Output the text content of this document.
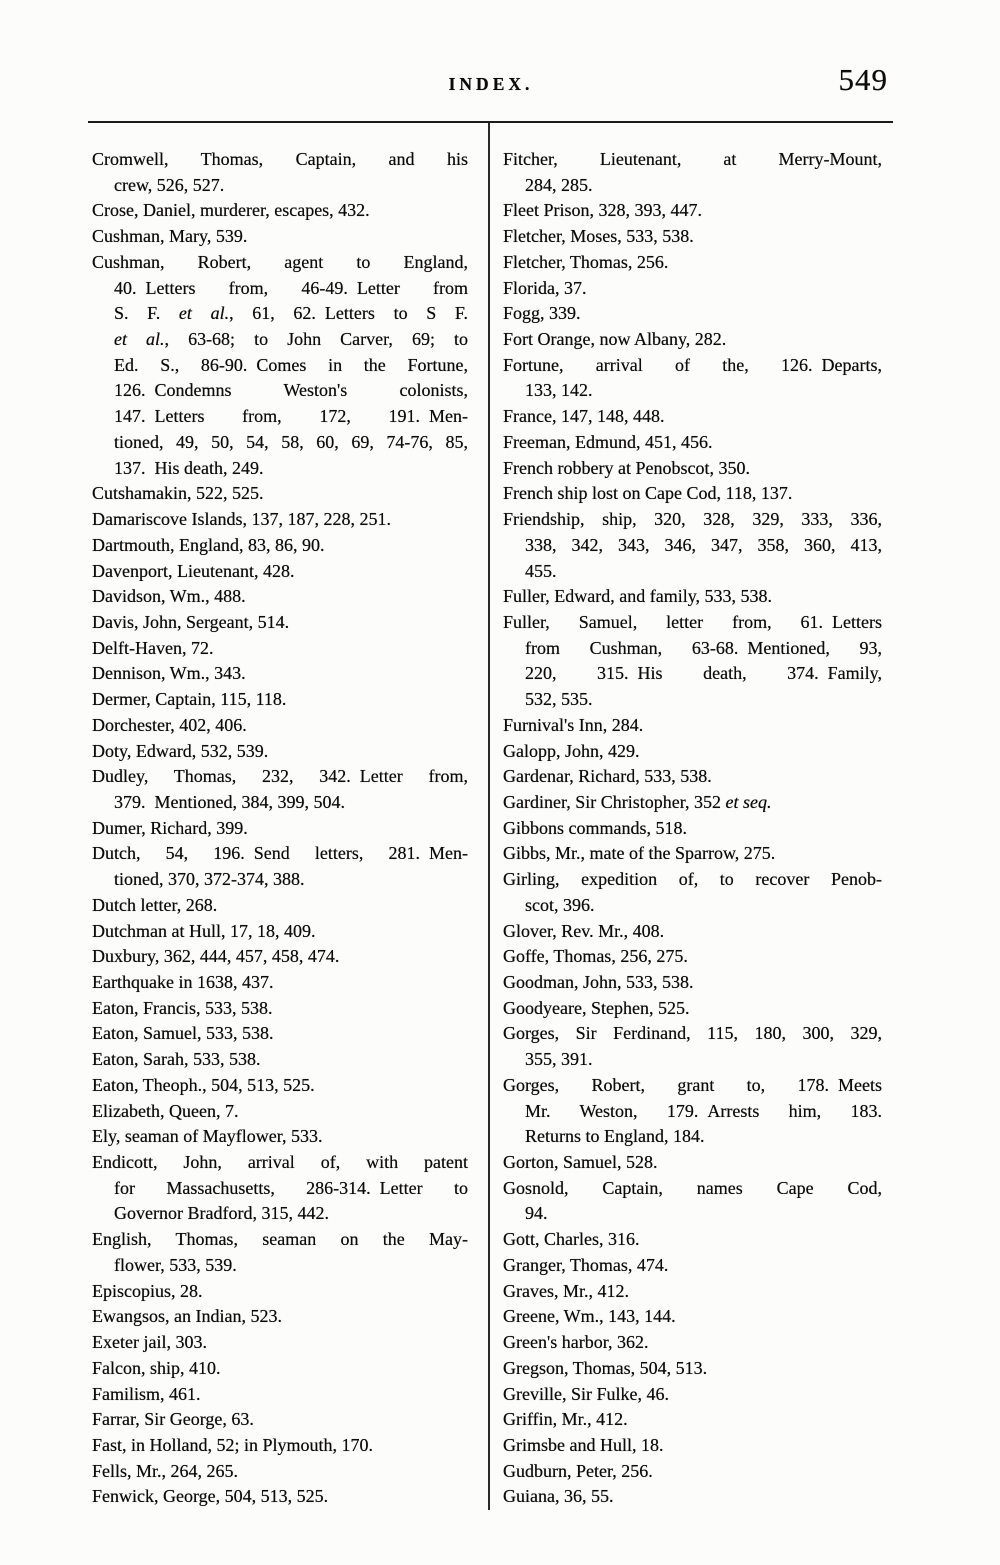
INDEX.	549
Cromwell, Thomas, Captain, and his
crew, 526, 527.
Crose, Daniel, murderer, escapes, 432.
Cushman, Mary, 539.
Cushman, Robert, agent to England,
40. Letters from, 46-49. Letter from
S. F. et al., 61, 62. Letters to S F.
et al., 63-68; to John Carver, 69; to
Ed. S., 86-90. Comes in the Fortune,
126. Condemns Weston's colonists,
147. Letters from, 172, 191. Men-
tioned, 49, 50, 54, 58, 60, 69, 74-76, 85,
137. His death, 249.
Cutshamakin, 522, 525.
Damariscove Islands, 137, 187, 228, 251.
Dartmouth, England, 83, 86, 90.
Davenport, Lieutenant, 428.
Davidson, Wm., 488.
Davis, John, Sergeant, 514.
Delft-Haven, 72.
Dennison, Wm., 343.
Dermer, Captain, 115, 118.
Dorchester, 402, 406.
Doty, Edward, 532, 539.
Dudley, Thomas, 232, 342. Letter from,
379. Mentioned, 384, 399, 504.
Dumer, Richard, 399.
Dutch, 54, 196. Send letters, 281. Men-
tioned, 370, 372-374, 388.
Dutch letter, 268.
Dutchman at Hull, 17, 18, 409.
Duxbury, 362, 444, 457, 458, 474.
Earthquake in 1638, 437.
Eaton, Francis, 533, 538.
Eaton, Samuel, 533, 538.
Eaton, Sarah, 533, 538.
Eaton, Theoph., 504, 513, 525.
Elizabeth, Queen, 7.
Ely, seaman of Mayflower, 533.
Endicott, John, arrival of, with patent
for Massachusetts, 286-314. Letter to
Governor Bradford, 315, 442.
English, Thomas, seaman on the May-
flower, 533, 539.
Episcopius, 28.
Ewangsos, an Indian, 523.
Exeter jail, 303.
Falcon, ship, 410.
Familism, 461.
Farrar, Sir George, 63.
Fast, in Holland, 52; in Plymouth, 170.
Fells, Mr., 264, 265.
Fenwick, George, 504, 513, 525.
Fitcher, Lieutenant, at Merry-Mount,
284, 285.
Fleet Prison, 328, 393, 447.
Fletcher, Moses, 533, 538.
Fletcher, Thomas, 256.
Florida, 37.
Fogg, 339.
Fort Orange, now Albany, 282.
Fortune, arrival of the, 126. Departs,
133, 142.
France, 147, 148, 448.
Freeman, Edmund, 451, 456.
French robbery at Penobscot, 350.
French ship lost on Cape Cod, 118, 137.
Friendship, ship, 320, 328, 329, 333, 336,
338, 342, 343, 346, 347, 358, 360, 413,
455.
Fuller, Edward, and family, 533, 538.
Fuller, Samuel, letter from, 61. Letters
from Cushman, 63-68. Mentioned, 93,
220, 315. His death, 374. Family,
532, 535.
Furnival's Inn, 284.
Galopp, John, 429.
Gardenar, Richard, 533, 538.
Gardiner, Sir Christopher, 352 et seq.
Gibbons commands, 518.
Gibbs, Mr., mate of the Sparrow, 275.
Girling, expedition of, to recover Penob-
scot, 396.
Glover, Rev. Mr., 408.
Goffe, Thomas, 256, 275.
Goodman, John, 533, 538.
Goodyeare, Stephen, 525.
Gorges, Sir Ferdinand, 115, 180, 300, 329,
355, 391.
Gorges, Robert, grant to, 178. Meets
Mr. Weston, 179. Arrests him, 183.
Returns to England, 184.
Gorton, Samuel, 528.
Gosnold, Captain, names Cape Cod,
94.
Gott, Charles, 316.
Granger, Thomas, 474.
Graves, Mr., 412.
Greene, Wm., 143, 144.
Green's harbor, 362.
Gregson, Thomas, 504, 513.
Greville, Sir Fulke, 46.
Griffin, Mr., 412.
Grimsbe and Hull, 18.
Gudburn, Peter, 256.
Guiana, 36, 55.
